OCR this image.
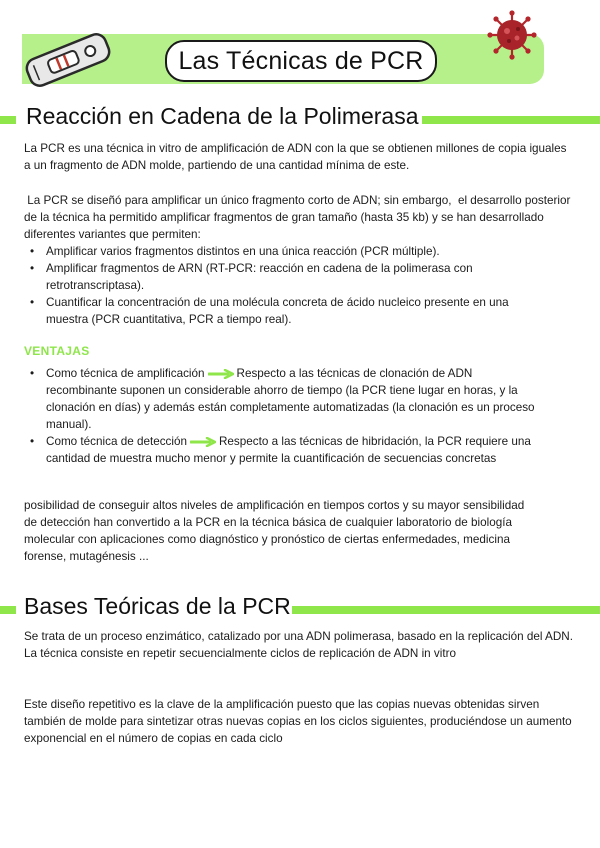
Las Técnicas de PCR
Reacción en Cadena de la Polimerasa

La PCR es una técnica in vitro de amplificación de ADN con la que se obtienen millones de copia iguales a un fragmento de ADN molde, partiendo de una cantidad mínima de este.

La PCR se diseñó para amplificar un único fragmento corto de ADN; sin embargo,  el desarrollo posterior de la técnica ha permitido amplificar fragmentos de gran tamaño (hasta 35 kb) y se han desarrollado diferentes variantes que permiten:

• Amplificar varios fragmentos distintos en una única reacción (PCR múltiple).
• Amplificar fragmentos de ARN (RT-PCR: reacción en cadena de la polimerasa con retrotranscriptasa).
• Cuantificar la concentración de una molécula concreta de ácido nucleico presente en una muestra (PCR cuantitativa, PCR a tiempo real).
VENTAJAS
• Como técnica de amplificación	Respecto a las técnicas de clonación de ADN recombinante suponen un considerable ahorro de tiempo (la PCR tiene lugar en horas, y la clonación en días) y además están completamente automatizadas (la clonación es un proceso manual).
• Como técnica de detección	Respecto a las técnicas de hibridación, la PCR requiere una cantidad de muestra mucho menor y permite la cuantificación de secuencias concretas

posibilidad de conseguir altos niveles de amplificación en tiempos cortos y su mayor sensibilidad de detección han convertido a la PCR en la técnica básica de cualquier laboratorio de biología molecular con aplicaciones como diagnóstico y pronóstico de ciertas enfermedades, medicina forense, mutagénesis ...

Bases Teóricas de la PCR

Se trata de un proceso enzimático, catalizado por una ADN polimerasa, basado en la replicación del ADN. La técnica consiste en repetir secuencialmente ciclos de replicación de ADN in vitro

Este diseño repetitivo es la clave de la amplificación puesto que las copias nuevas obtenidas sirven también de molde para sintetizar otras nuevas copias en los ciclos siguientes, produciéndose un aumento exponencial en el número de copias en cada ciclo
